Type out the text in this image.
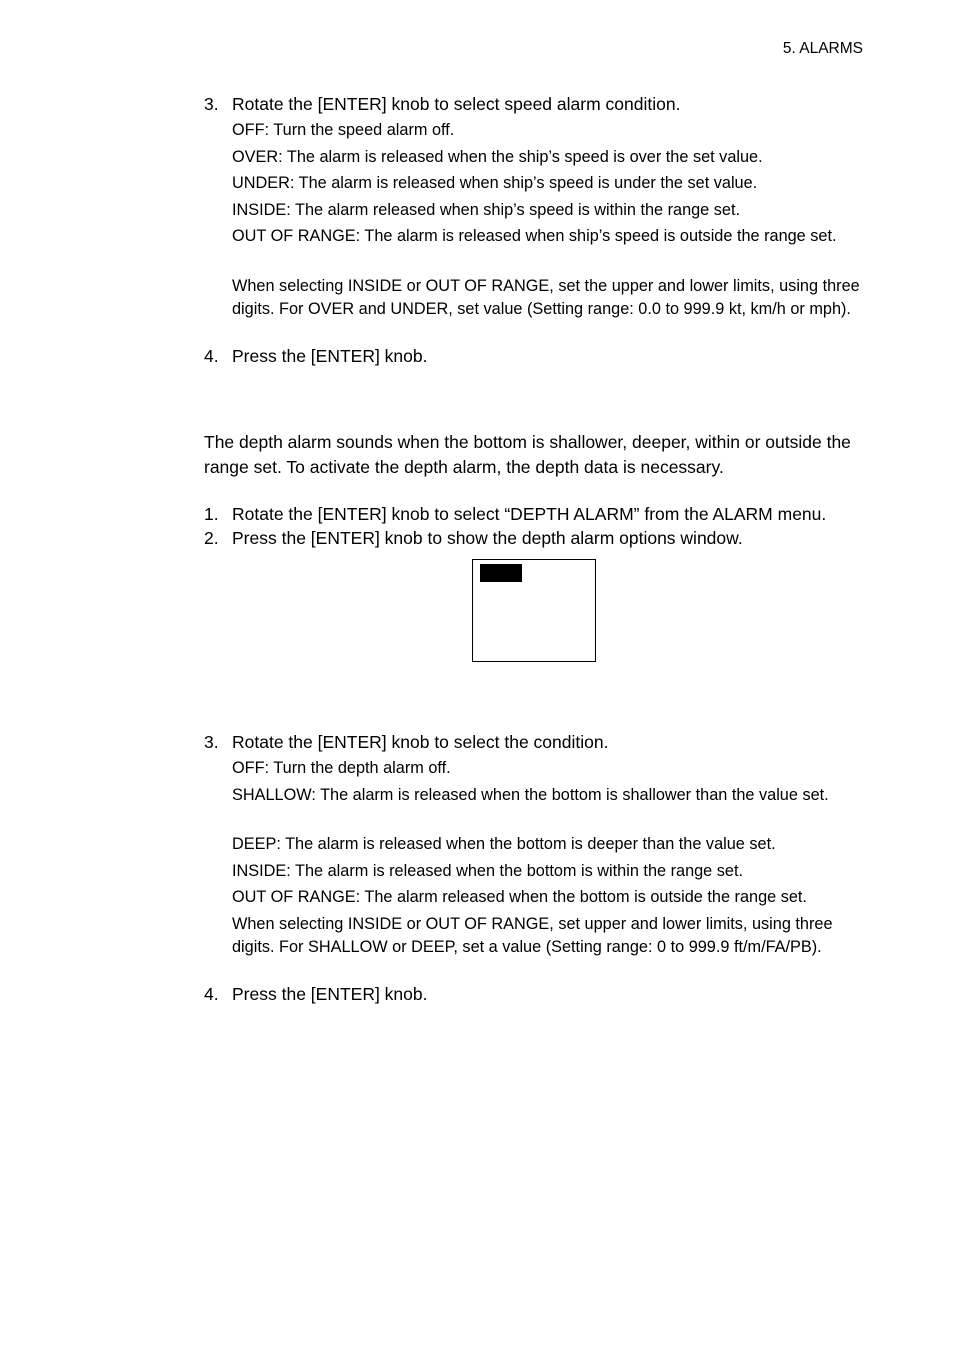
5. ALARMS
3. Rotate the [ENTER] knob to select speed alarm condition.
OFF: Turn the speed alarm off.
OVER: The alarm is released when the ship’s speed is over the set value.
UNDER: The alarm is released when ship’s speed is under the set value.
INSIDE: The alarm released when ship’s speed is within the range set.
OUT OF RANGE: The alarm is released when ship’s speed is outside the range set.
When selecting INSIDE or OUT OF RANGE, set the upper and lower limits, using three digits. For OVER and UNDER, set value (Setting range: 0.0 to 999.9 kt, km/h or mph).
4. Press the [ENTER] knob.
The depth alarm sounds when the bottom is shallower, deeper, within or outside the range set. To activate the depth alarm, the depth data is necessary.
1. Rotate the [ENTER] knob to select “DEPTH ALARM” from the ALARM menu.
2. Press the [ENTER] knob to show the depth alarm options window.
3. Rotate the [ENTER] knob to select the condition.
OFF: Turn the depth alarm off.
SHALLOW: The alarm is released when the bottom is shallower than the value set.
DEEP: The alarm is released when the bottom is deeper than the value set.
INSIDE: The alarm is released when the bottom is within the range set.
OUT OF RANGE: The alarm released when the bottom is outside the range set.
When selecting INSIDE or OUT OF RANGE, set upper and lower limits, using three digits. For SHALLOW or DEEP, set a value (Setting range: 0 to 999.9 ft/m/FA/PB).
4. Press the [ENTER] knob.
